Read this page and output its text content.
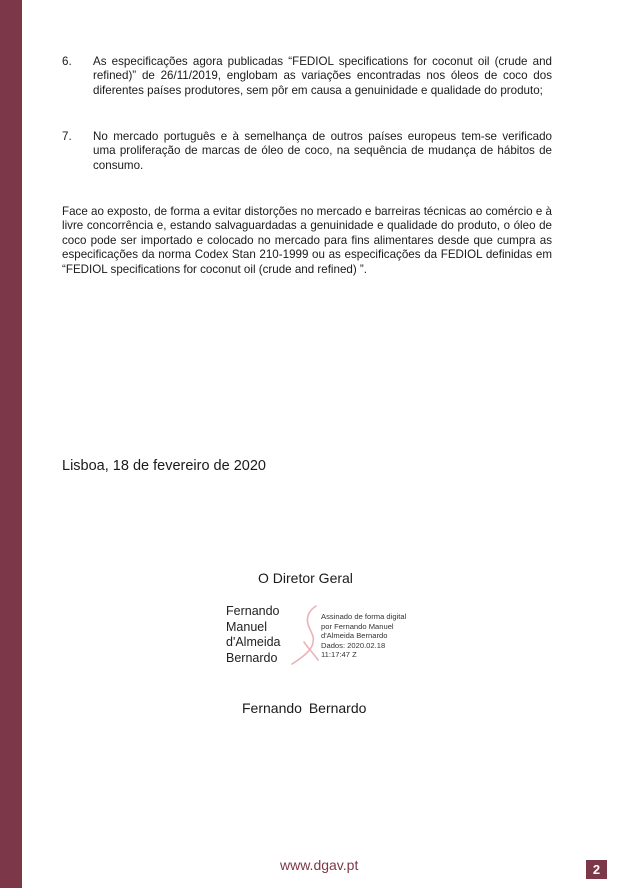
6. As especificações agora publicadas “FEDIOL specifications for coconut oil (crude and refined)” de 26/11/2019, englobam as variações encontradas nos óleos de coco dos diferentes países produtores, sem pôr em causa a genuinidade e qualidade do produto;
7. No mercado português e à semelhança de outros países europeus tem-se verificado uma proliferação de marcas de óleo de coco, na sequência de mudança de hábitos de consumo.
Face ao exposto, de forma a evitar distorções no mercado e barreiras técnicas ao comércio e à livre concorrência e, estando salvaguardadas a genuinidade e qualidade do produto, o óleo de coco pode ser importado e colocado no mercado para fins alimentares desde que cumpra as especificações da norma Codex Stan 210-1999 ou as especificações da FEDIOL definidas em “FEDIOL specifications for coconut oil (crude and refined) ”.
Lisboa, 18 de fevereiro de 2020
O Diretor Geral
Fernando
Manuel
d'Almeida
Bernardo
Assinado de forma digital
por Fernando Manuel
d'Almeida Bernardo
Dados: 2020.02.18
11:17:47 Z
Fernando Bernardo
www.dgav.pt	2
